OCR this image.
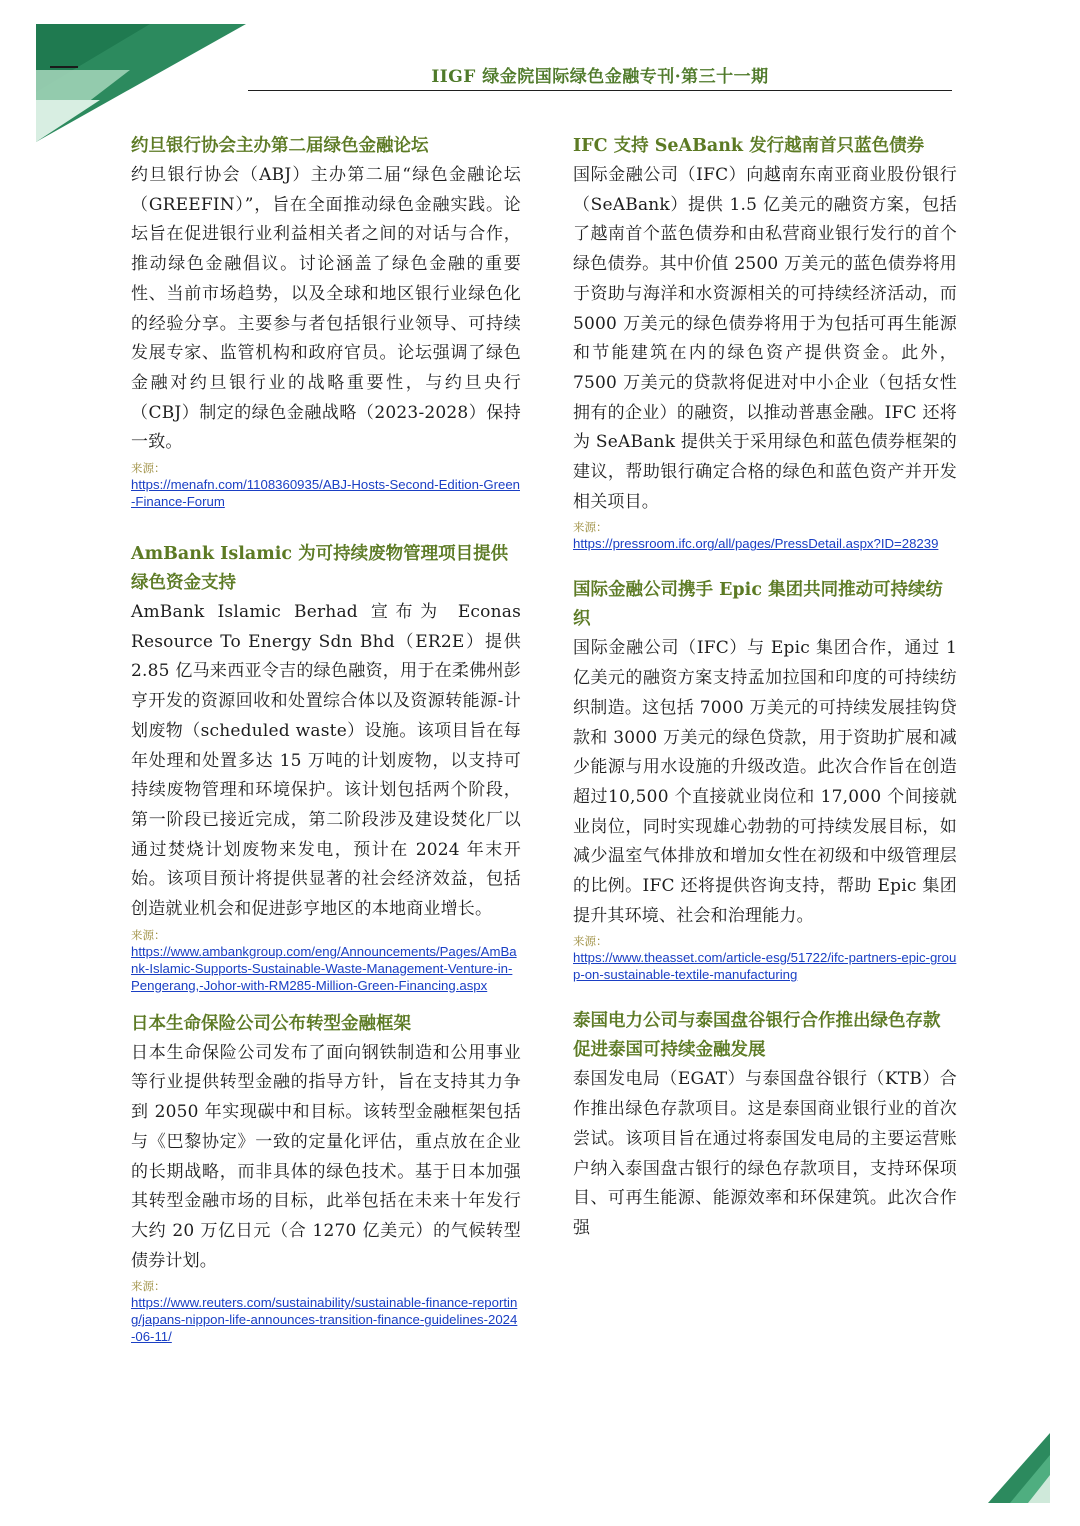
IIGF 绿金院国际绿色金融专刊·第三十一期
约旦银行协会主办第二届绿色金融论坛
约旦银行协会（ABJ）主办第二届“绿色金融论坛（GREEFIN）”，旨在全面推动绿色金融实践。论坛旨在促进银行业利益相关者之间的对话与合作，推动绿色金融倡议。讨论涵盖了绿色金融的重要性、当前市场趋势，以及全球和地区银行业绿色化的经验分享。主要参与者包括银行业领导、可持续发展专家、监管机构和政府官员。论坛强调了绿色金融对约旦银行业的战略重要性，与约旦央行（CBJ）制定的绿色金融战略（2023-2028）保持一致。
来源：
https://menafn.com/1108360935/ABJ-Hosts-Second-Edition-Green-Finance-Forum
AmBank Islamic 为可持续废物管理项目提供绿色资金支持
AmBank Islamic Berhad 宣布为 Econas Resource To Energy Sdn Bhd（ER2E）提供2.85 亿马来西亚令吉的绿色融资，用于在柔佛州彭亨开发的资源回收和处置综合体以及资源转能源-计划废物（scheduled waste）设施。该项目旨在每年处理和处置多达 15 万吨的计划废物，以支持可持续废物管理和环境保护。该计划包括两个阶段，第一阶段已接近完成，第二阶段涉及建设焚化厂以通过焚烧计划废物来发电，预计在 2024 年末开始。该项目预计将提供显著的社会经济效益，包括创造就业机会和促进彭亨地区的本地商业增长。
来源：
https://www.ambankgroup.com/eng/Announcements/Pages/AmBank-Islamic-Supports-Sustainable-Waste-Management-Venture-in-Pengerang,-Johor-with-RM285-Million-Green-Financing.aspx
日本生命保险公司公布转型金融框架
日本生命保险公司发布了面向钢铁制造和公用事业等行业提供转型金融的指导方针，旨在支持其力争到 2050 年实现碳中和目标。该转型金融框架包括与《巴黎协定》一致的定量化评估，重点放在企业的长期战略，而非具体的绿色技术。基于日本加强其转型金融市场的目标，此举包括在未来十年发行大约 20 万亿日元（合 1270 亿美元）的气候转型债券计划。
来源：
https://www.reuters.com/sustainability/sustainable-finance-reporting/japans-nippon-life-announces-transition-finance-guidelines-2024-06-11/
IFC 支持 SeABank 发行越南首只蓝色债券
国际金融公司（IFC）向越南东南亚商业股份银行（SeABank）提供 1.5 亿美元的融资方案，包括了越南首个蓝色债券和由私营商业银行发行的首个绿色债券。其中价值 2500 万美元的蓝色债券将用于资助与海洋和水资源相关的可持续经济活动，而 5000 万美元的绿色债券将用于为包括可再生能源和节能建筑在内的绿色资产提供资金。此外，7500 万美元的贷款将促进对中小企业（包括女性拥有的企业）的融资，以推动普惠金融。IFC 还将为 SeABank 提供关于采用绿色和蓝色债券框架的建议，帮助银行确定合格的绿色和蓝色资产并开发相关项目。
来源：
https://pressroom.ifc.org/all/pages/PressDetail.aspx?ID=28239
国际金融公司携手 Epic 集团共同推动可持续纺织
国际金融公司（IFC）与 Epic 集团合作，通过 1 亿美元的融资方案支持孟加拉国和印度的可持续纺织制造。这包括 7000 万美元的可持续发展挂钩贷款和 3000 万美元的绿色贷款，用于资助扩展和减少能源与用水设施的升级改造。此次合作旨在创造超过10,500 个直接就业岗位和 17,000 个间接就业岗位，同时实现雄心勃勃的可持续发展目标，如减少温室气体排放和增加女性在初级和中级管理层的比例。IFC 还将提供咨询支持，帮助 Epic 集团提升其环境、社会和治理能力。
来源：
https://www.theasset.com/article-esg/51722/ifc-partners-epic-group-on-sustainable-textile-manufacturing
泰国电力公司与泰国盘谷银行合作推出绿色存款 促进泰国可持续金融发展
泰国发电局（EGAT）与泰国盘谷银行（KTB）合作推出绿色存款项目。这是泰国商业银行业的首次尝试。该项目旨在通过将泰国发电局的主要运营账户纳入泰国盘古银行的绿色存款项目，支持环保项目、可再生能源、能源效率和环保建筑。此次合作强
